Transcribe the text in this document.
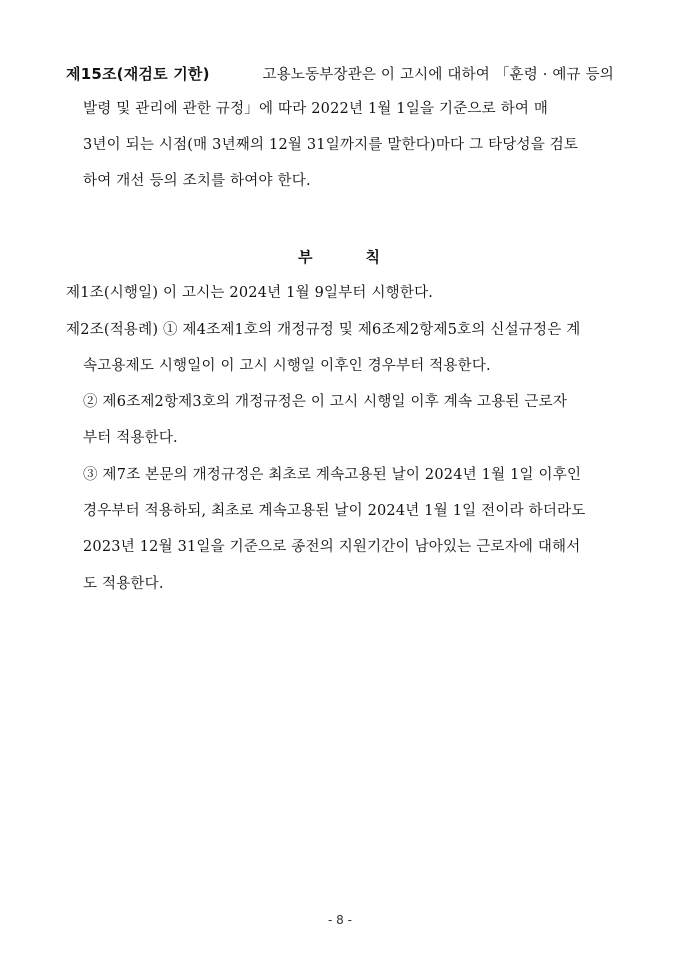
제15조(재검토 기한)	고용노동부장관은 이 고시에 대하여 「훈령 · 예규 등의
발령 및 관리에 관한 규정」에 따라 2022년 1월 1일을 기준으로 하여 매
3년이 되는 시점(매 3년째의 12월 31일까지를 말한다)마다 그 타당성을 검토
하여 개선 등의 조치를 하여야 한다.
부	칙
제1조(시행일) 이 고시는 2024년 1월 9일부터 시행한다.
제2조(적용례) ① 제4조제1호의 개정규정 및 제6조제2항제5호의 신설규정은 계
속고용제도 시행일이 이 고시 시행일 이후인 경우부터 적용한다.
② 제6조제2항제3호의 개정규정은 이 고시 시행일 이후 계속 고용된 근로자
부터 적용한다.
③ 제7조 본문의 개정규정은 최초로 계속고용된 날이 2024년 1월 1일 이후인
경우부터 적용하되, 최초로 계속고용된 날이 2024년 1월 1일 전이라 하더라도
2023년 12월 31일을 기준으로 종전의 지원기간이 남아있는 근로자에 대해서
도 적용한다.
- 8 -
